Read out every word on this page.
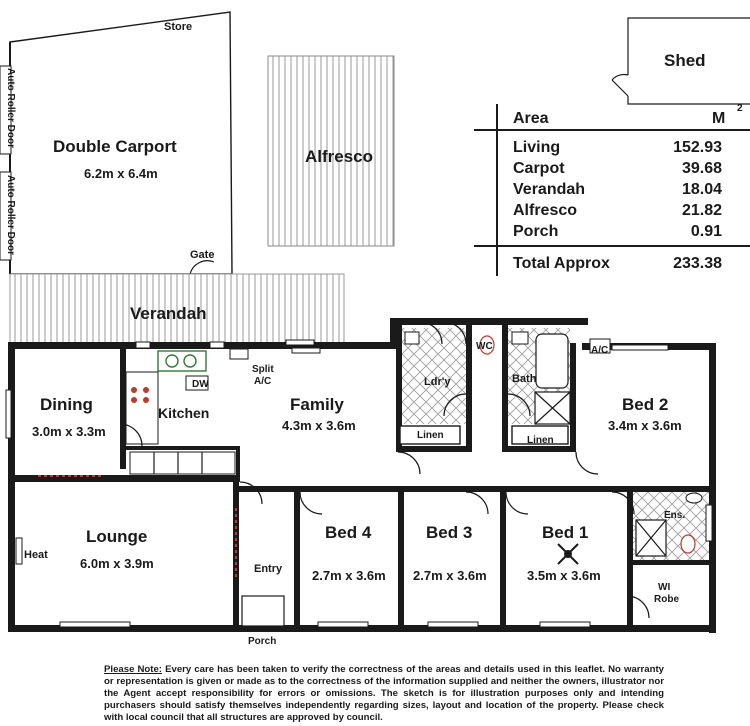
Store
Double Carport
6.2m x 6.4m
Auto Roller Door
Auto Roller Door	Gate
Alfresco
Shed
Verandah
Dining
3.0m x 3.3m
Kitchen
DW
Split
A/C
Family
4.3m x 3.6m
Ldr'y
Linen
WC
Bath
Linen
A/C
Bed 2
3.4m x 3.6m
Lounge
6.0m x 3.9m
Heat
Entry
Porch
Bed 4
2.7m x 3.6m
Bed 3
2.7m x 3.6m
Bed 1
3.5m x 3.6m
Ens.
WI
Robe
Area	M
2
Living	152.93
Carpot	39.68
Verandah	18.04
Alfresco	21.82
Porch	0.91
Total Approx	233.38
Please Note: Every care has been taken to verify the correctness of the areas and details used in this leaflet. No warranty or representation is given or made as to the correctness of the information supplied and neither the owners, illustrator nor the Agent accept responsibility for errors or omissions. The sketch is for illustration purposes only and intending purchasers should satisfy themselves independently regarding sizes, layout and location of the property. Please check with local council that all structures are approved by council.
